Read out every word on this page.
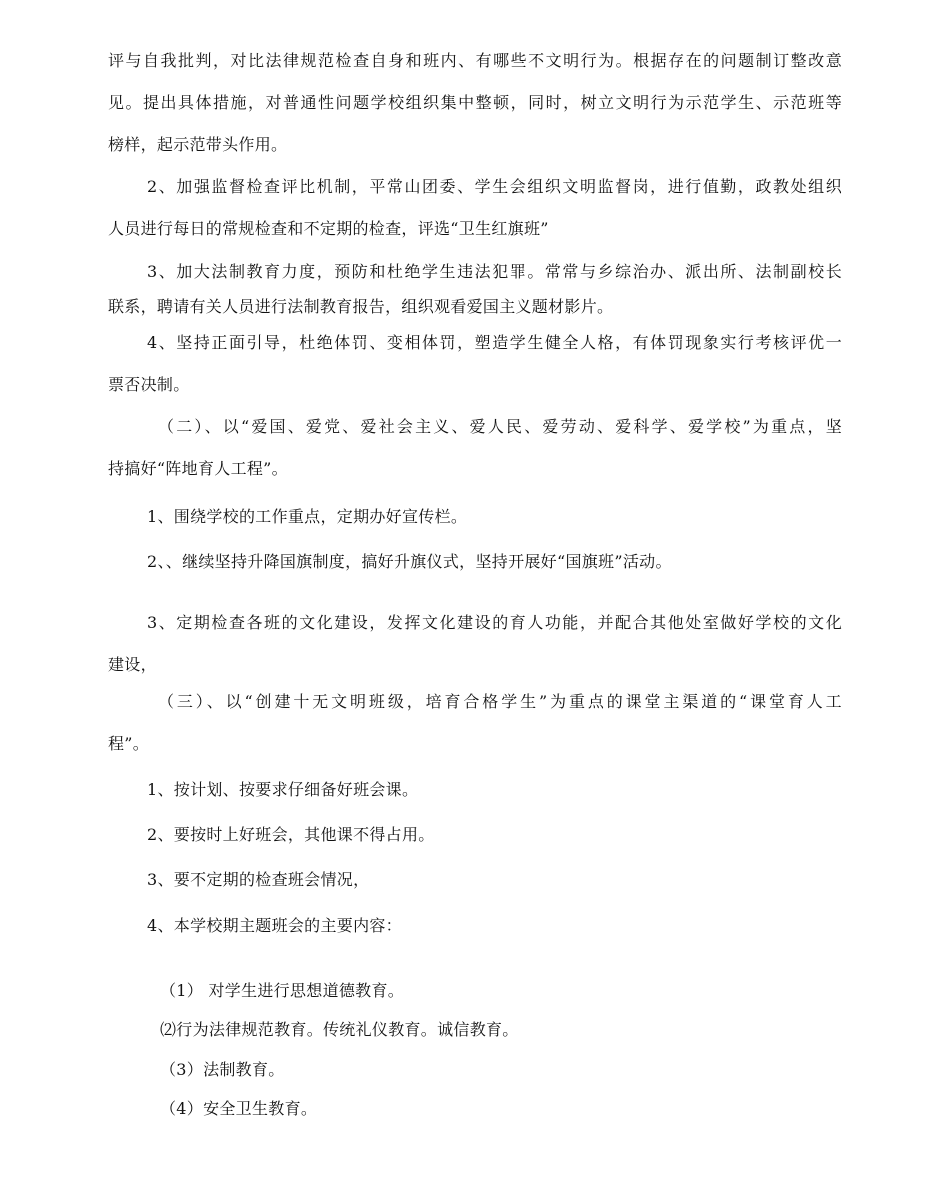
评与自我批判，对比法律规范检查自身和班内、有哪些不文明行为。根据存在的问题制订整改意
见。提出具体措施，对普通性问题学校组织集中整顿，同时，树立文明行为示范学生、示范班等
榜样，起示范带头作用。
2、加强监督检查评比机制，平常山团委、学生会组织文明监督岗，进行值勤，政教处组织
人员进行每日的常规检查和不定期的检查，评选“卫生红旗班”
3、加大法制教育力度，预防和杜绝学生违法犯罪。常常与乡综治办、派出所、法制副校长
联系，聘请有关人员进行法制教育报告，组织观看爱国主义题材影片。
4、坚持正面引导，杜绝体罚、变相体罚，塑造学生健全人格，有体罚现象实行考核评优一
票否决制。
（二）、以“爱国、爱党、爱社会主义、爱人民、爱劳动、爱科学、爱学校”为重点，坚
持搞好“阵地育人工程”。
1、围绕学校的工作重点，定期办好宣传栏。
2、、继续坚持升降国旗制度，搞好升旗仪式，坚持开展好“国旗班”活动。
3、定期检查各班的文化建设，发挥文化建设的育人功能，并配合其他处室做好学校的文化
建设，
（三）、以“创建十无文明班级，培育合格学生”为重点的课堂主渠道的“课堂育人工
程”。
1、按计划、按要求仔细备好班会课。
2、要按时上好班会，其他课不得占用。
3、要不定期的检查班会情况，
4、本学校期主题班会的主要内容：
（1） 对学生进行思想道德教育。
⑵行为法律规范教育。传统礼仪教育。诚信教育。
（3）法制教育。
（4）安全卫生教育。
